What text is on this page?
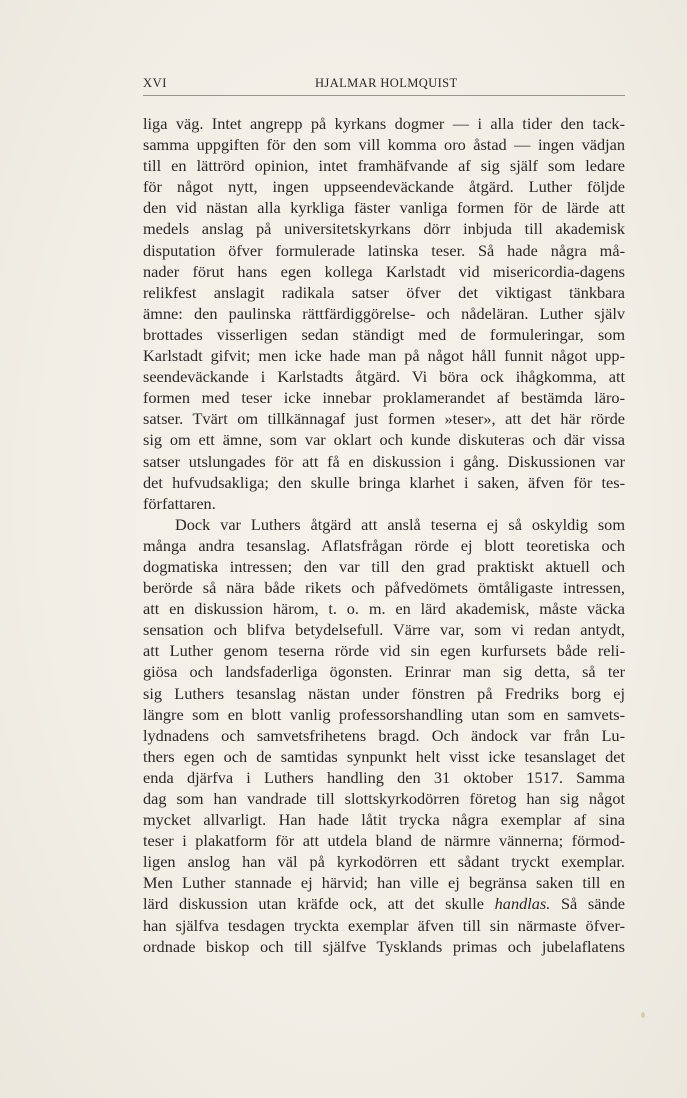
XVI	HJALMAR HOLMQUIST
liga väg. Intet angrepp på kyrkans dogmer — i alla tider den tack-
samma uppgiften för den som vill komma oro åstad — ingen vädjan
till en lättrörd opinion, intet framhäfvande af sig själf som ledare
för något nytt, ingen uppseendeväckande åtgärd. Luther följde
den vid nästan alla kyrkliga fäster vanliga formen för de lärde att
medels anslag på universitetskyrkans dörr inbjuda till akademisk
disputation öfver formulerade latinska teser. Så hade några må-
nader förut hans egen kollega Karlstadt vid misericordia-dagens
relikfest anslagit radikala satser öfver det viktigast tänkbara
ämne: den paulinska rättfärdiggörelse- och nådeläran. Luther själv
brottades visserligen sedan ständigt med de formuleringar, som
Karlstadt gifvit; men icke hade man på något håll funnit något upp-
seendeväckande i Karlstadts åtgärd. Vi böra ock ihågkomma, att
formen med teser icke innebar proklamerandet af bestämda läro-
satser. Tvärt om tillkännagaf just formen »teser», att det här rörde
sig om ett ämne, som var oklart och kunde diskuteras och där vissa
satser utslungades för att få en diskussion i gång. Diskussionen var
det hufvudsakliga; den skulle bringa klarhet i saken, äfven för tes-
författaren.
Dock var Luthers åtgärd att anslå teserna ej så oskyldig som
många andra tesanslag. Aflatsfrågan rörde ej blott teoretiska och
dogmatiska intressen; den var till den grad praktiskt aktuell och
berörde så nära både rikets och påfvedömets ömtåligaste intressen,
att en diskussion härom, t. o. m. en lärd akademisk, måste väcka
sensation och blifva betydelsefull. Värre var, som vi redan antydt,
att Luther genom teserna rörde vid sin egen kurfursets både reli-
giösa och landsfaderliga ögonsten. Erinrar man sig detta, så ter
sig Luthers tesanslag nästan under fönstren på Fredriks borg ej
längre som en blott vanlig professorshandling utan som en samvets-
lydnadens och samvetsfrihetens bragd. Och ändock var från Lu-
thers egen och de samtidas synpunkt helt visst icke tesanslaget det
enda djärfva i Luthers handling den 31 oktober 1517. Samma
dag som han vandrade till slottskyrkodörren företog han sig något
mycket allvarligt. Han hade låtit trycka några exemplar af sina
teser i plakatform för att utdela bland de närmre vännerna; förmod-
ligen anslog han väl på kyrkodörren ett sådant tryckt exemplar.
Men Luther stannade ej härvid; han ville ej begränsa saken till en
lärd diskussion utan kräfde ock, att det skulle handlas. Så sände
han själfva tesdagen tryckta exemplar äfven till sin närmaste öfver-
ordnade biskop och till själfve Tysklands primas och jubelaflatens
